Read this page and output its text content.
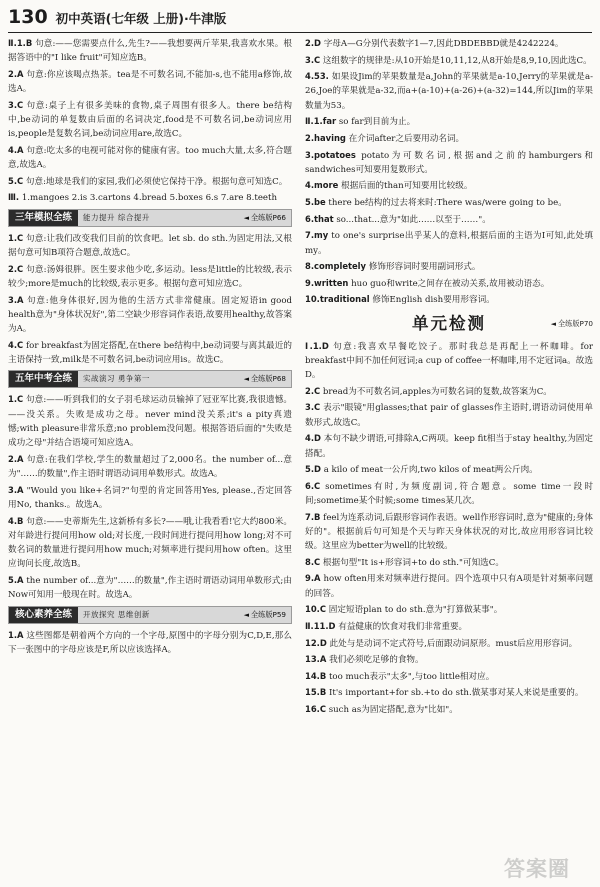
130 初中英语(七年级 上册)·牛津版
Ⅱ.1.B 句意:——您需要点什么,先生?——我想要两斤苹果,我喜欢水果。根据答语中的"I like fruit"可知应选B。
2.A 句意:你应该喝点热茶。tea是不可数名词,不能加-s,也不能用a修饰,故选A。
3.C 句意:桌子上有很多美味的食物,桌子周围有很多人。there be结构中,be动词的单复数由后面的名词决定,food是不可数名词,be动词应用is,people是复数名词,be动词应用are,故选C。
4.A 句意:吃太多的电视可能对你的健康有害。too much大量,太多,符合题意,故选A。
5.C 句意:地球是我们的家园,我们必须使它保持干净。根据句意可知选C。
Ⅲ. 1.mangoes 2.is 3.cartons 4.bread 5.boxes 6.s 7.are 8.teeth
三年模拟全练	能力提升 综合提升	◄ 全练版P66
1.C 句意:让我们改变我们目前的饮食吧。let sb. do sth.为固定用法,又根据句意可知B项符合题意,故选C。
2.C 句意:汤姆很胖。医生要求他少吃,多运动。less是little的比较级,表示较少;more是much的比较级,表示更多。根据句意可知应选C。
3.A 句意:他身体很好,因为他的生活方式非常健康。固定短语in good health意为"身体状况好",第二空缺少形容词作表语,故要用healthy,故答案为A。
4.C for breakfast为固定搭配,在there be结构中,be动词要与离其最近的主语保持一致,milk是不可数名词,be动词应用is。故选C。
五年中考全练	实战演习 勇争第一	◄ 全练版P68
1.C 句意:——听到我们的女子羽毛球运动员输掉了冠亚军比赛,我很遗憾。——没关系。失败是成功之母。never mind没关系;it's a pity真遗憾;with pleasure非常乐意;no problem没问题。根据答语后面的"失败是成功之母"并结合语境可知应选A。
2.A 句意:在我们学校,学生的数量超过了2,000名。the number of...意为"……的数量",作主语时谓语动词用单数形式。故选A。
3.A "Would you like+名词?"句型的肯定回答用Yes, please.,否定回答用No, thanks.。故选A。
4.B 句意:——史蒂斯先生,这新桥有多长?——哦,让我看看!它大约800米。对年龄进行提问用how old;对长度,一段时间进行提问用how long;对不可数名词的数量进行提问用how much;对频率进行提问用how often。这里应询问长度,故选B。
5.A the number of...意为"……的数量",作主语时谓语动词用单数形式;由Now可知用一般现在时。故选A。
核心素养全练	开放探究 思维创新	◄ 全练版P59
1.A 这些图都是朝着两个方向的一个字母,原图中的字母分别为C,D,E,那么下一张图中的字母应该是F,所以应该选择A。
2.D 字母A—G分别代表数字1—7,因此DBDEBBD就是4242224。
3.C 这组数字的规律是:从10开始是10,11,12,从8开始是8,9,10,因此选C。
4.53. 如果设Jim的苹果数量是a,John的苹果就是a-10,Jerry的苹果就是a-26,Joe的苹果就是a-32,而a+(a-10)+(a-26)+(a-32)=144,所以Jim的苹果数量为53。
Ⅱ.1.far so far到目前为止。
2.having 在介词after之后要用动名词。
3.potatoes potato为可数名词,根据and之前的hamburgers和sandwiches可知要用复数形式。
4.more 根据后面的than可知要用比较级。
5.be there be结构的过去将来时:There was/were going to be。
6.that so...that...意为"如此……以至于……"。
7.my to one's surprise出乎某人的意料,根据后面的主语为I可知,此处填my。
8.completely 修饰形容词时要用副词形式。
9.written huo guo和write之间存在被动关系,故用被动语态。
10.traditional 修饰English dish要用形容词。
单元检测	◄ 全练版P70
Ⅰ.1.D 句意:我喜欢早餐吃饺子。那时我总是再配上一杯咖啡。for breakfast中间不加任何冠词;a cup of coffee一杯咖啡,用不定冠词a。故选D。
2.C bread为不可数名词,apples为可数名词的复数,故答案为C。
3.C 表示"眼镜"用glasses;that pair of glasses作主语时,谓语动词使用单数形式,故选C。
4.D 本句不缺少谓语,可排除A,C两项。keep fit相当于stay healthy,为固定搭配。
5.D a kilo of meat一公斤肉,two kilos of meat两公斤肉。
6.C sometimes有时,为频度副词,符合题意。some time一段时间;sometime某个时候;some times某几次。
7.B feel为连系动词,后跟形容词作表语。well作形容词时,意为"健康的;身体好的"。根据前后句可知是个天与昨天身体状况的对比,故应用形容词比较级。这里应为better为well的比较级。
8.C 根据句型"It is+形容词+to do sth."可知选C。
9.A how often用来对频率进行提问。四个选项中只有A项是针对频率问题的回答。
10.C 固定短语plan to do sth.意为"打算做某事"。
Ⅱ.11.D 有益健康的饮食对我们非常重要。
12.D 此处与是动词不定式符号,后面跟动词原形。must后应用形容词。
13.A 我们必须吃足够的食物。
14.B too much表示"太多",与too little相对应。
15.B It's important+for sb.+to do sth.做某事对某人来说是重要的。
16.C such as为固定搭配,意为"比如"。
答案圈
